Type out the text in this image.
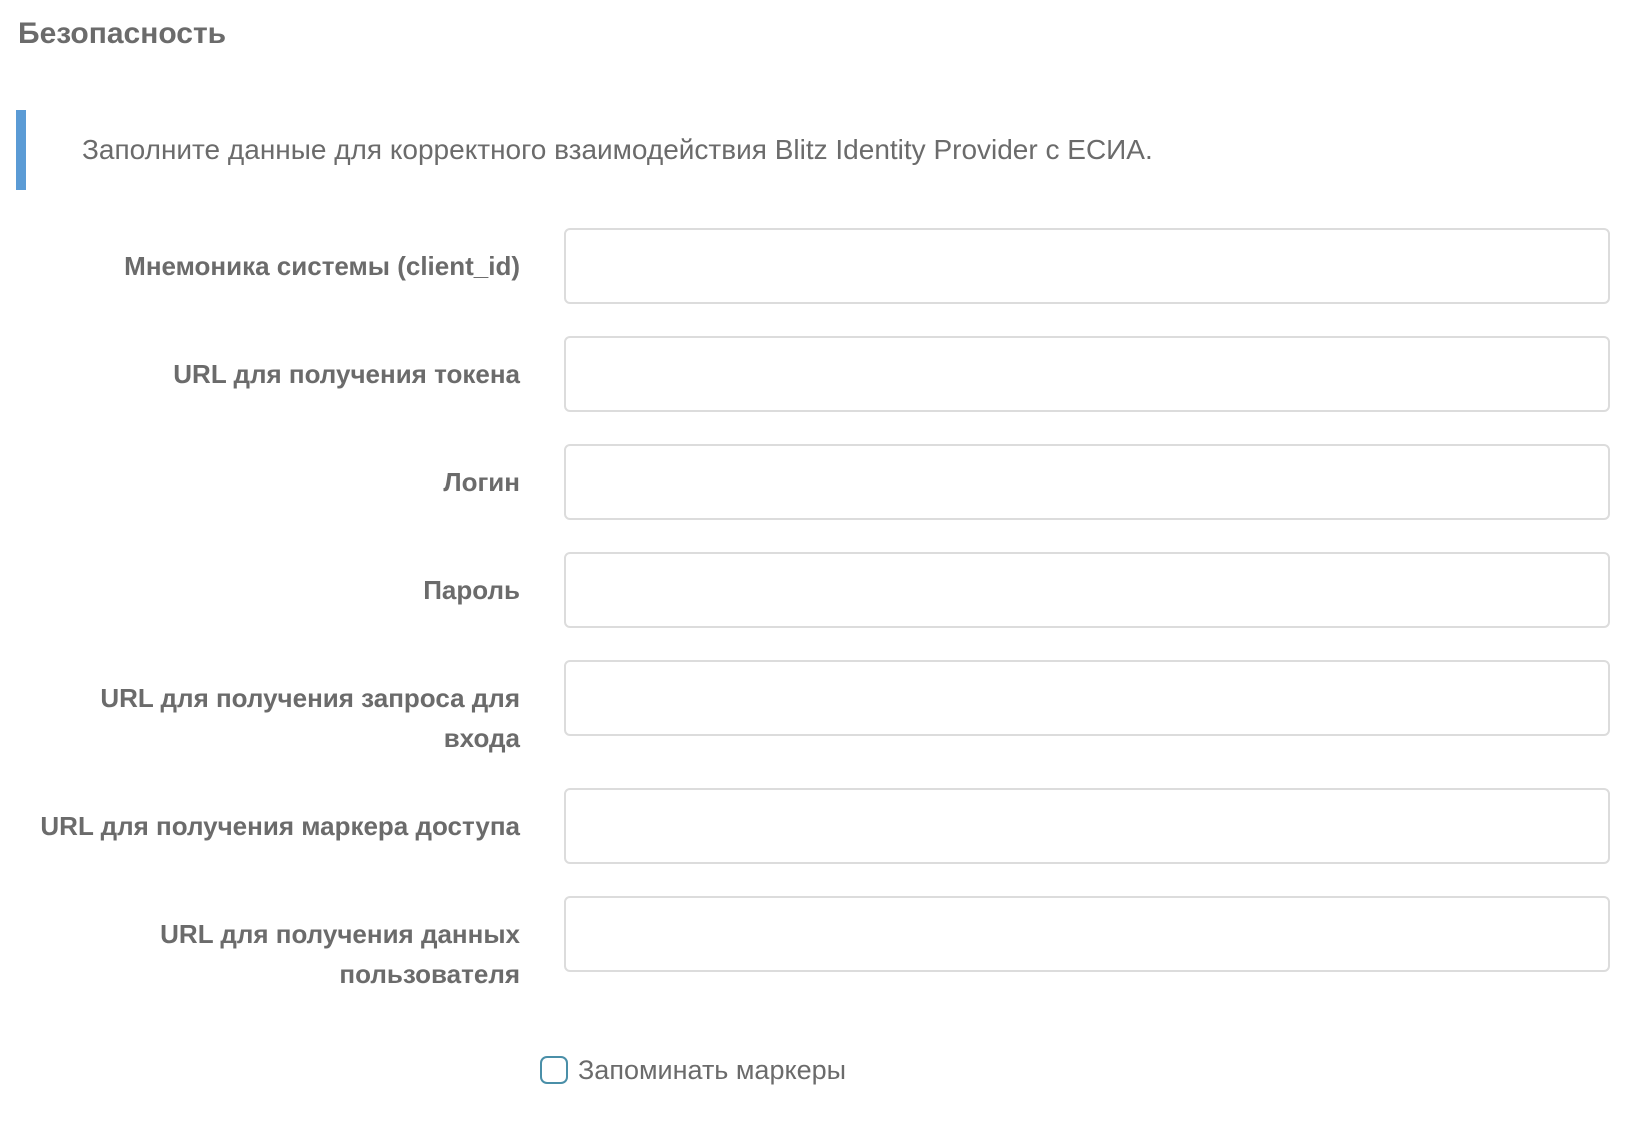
Безопасность
Заполните данные для корректного взаимодействия Blitz Identity Provider с ЕСИА.
Мнемоника системы (client_id)
URL для получения токена
Логин
Пароль
URL для получения запроса для
входа
URL для получения маркера доступа
URL для получения данных
пользователя
Запоминать маркеры
